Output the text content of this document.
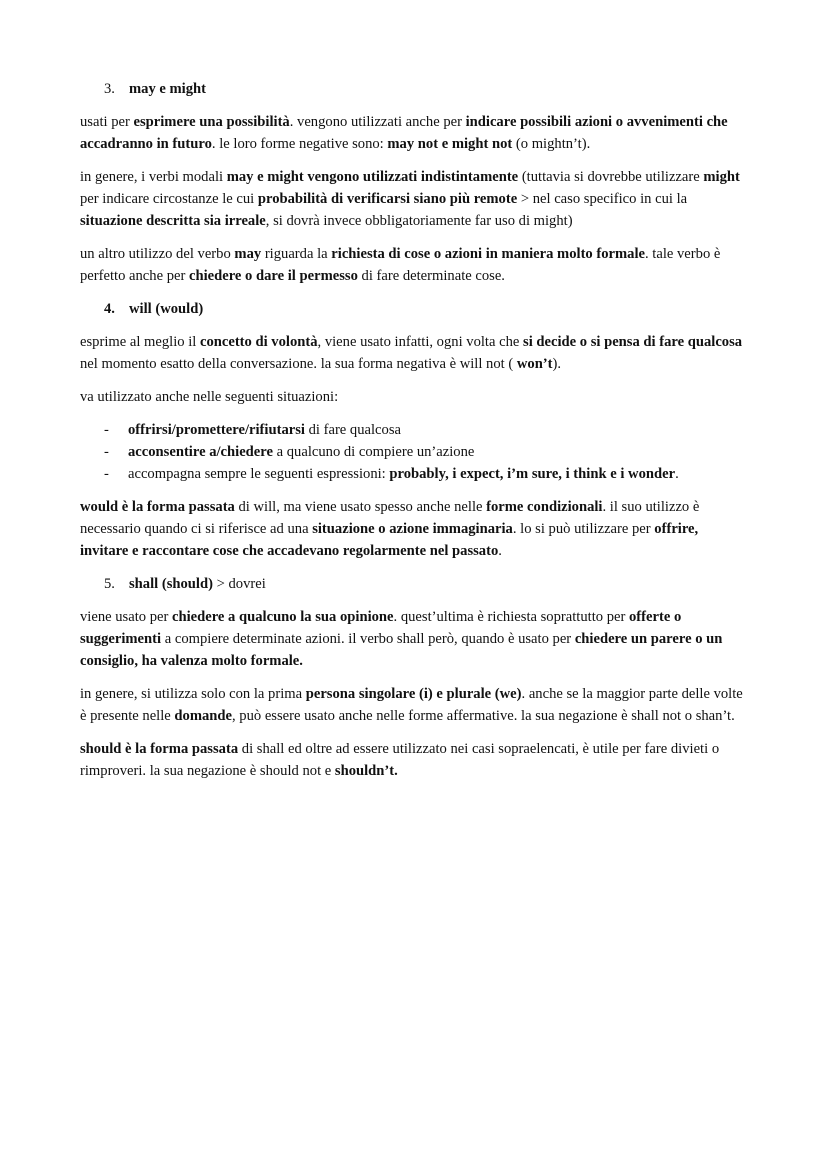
3. may e might

usati per esprimere una possibilità. vengono utilizzati anche per indicare possibili azioni o avvenimenti che accadranno in futuro. le loro forme negative sono: may not e might not (o mightn’t).

in genere, i verbi modali may e might vengono utilizzati indistintamente (tuttavia si dovrebbe utilizzare might per indicare circostanze le cui probabilità di verificarsi siano più remote > nel caso specifico in cui la situazione descritta sia irreale, si dovrà invece obbligatoriamente far uso di might)

un altro utilizzo del verbo may riguarda la richiesta di cose o azioni in maniera molto formale. tale verbo è perfetto anche per chiedere o dare il permesso di fare determinate cose.

4. will (would)

esprime al meglio il concetto di volontà, viene usato infatti, ogni volta che si decide o si pensa di fare qualcosa nel momento esatto della conversazione. la sua forma negativa è will not ( won’t).

va utilizzato anche nelle seguenti situazioni:

- offrirsi/promettere/rifiutarsi di fare qualcosa
- acconsentire a/chiedere a qualcuno di compiere un’azione
- accompagna sempre le seguenti espressioni: probably, i expect, i’m sure, i think e i wonder.

would è la forma passata di will, ma viene usato spesso anche nelle forme condizionali. il suo utilizzo è necessario quando ci si riferisce ad una situazione o azione immaginaria. lo si può utilizzare per offrire, invitare e raccontare cose che accadevano regolarmente nel passato.

5. shall (should) > dovrei

viene usato per chiedere a qualcuno la sua opinione. quest’ultima è richiesta soprattutto per offerte o suggerimenti a compiere determinate azioni. il verbo shall però, quando è usato per chiedere un parere o un consiglio, ha valenza molto formale.

in genere, si utilizza solo con la prima persona singolare (i) e plurale (we). anche se la maggior parte delle volte è presente nelle domande, può essere usato anche nelle forme affermative. la sua negazione è shall not o shan’t.

should è la forma passata di shall ed oltre ad essere utilizzato nei casi sopraelencati, è utile per fare divieti o rimproveri. la sua negazione è should not e shouldn’t.
